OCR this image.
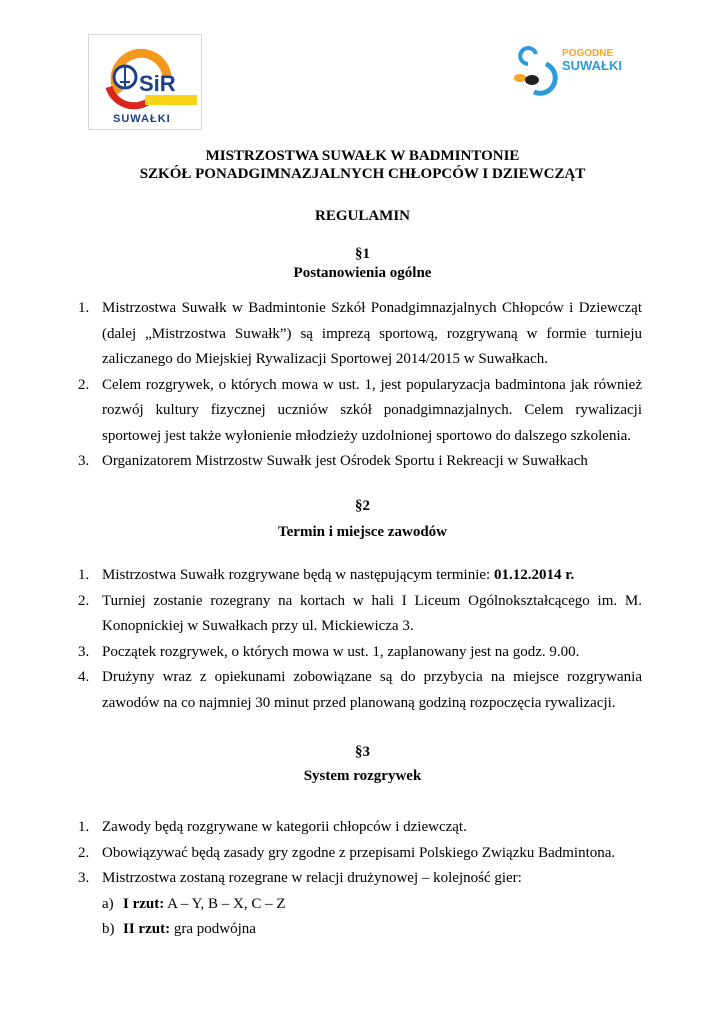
SiR
SUWAŁKI
POGODNE
SUWAŁKI
MISTRZOSTWA SUWAŁK W BADMINTONIE
SZKÓŁ PONADGIMNAZJALNYCH CHŁOPCÓW I DZIEWCZĄT
REGULAMIN
§1
Postanowienia ogólne
1. Mistrzostwa Suwałk w Badmintonie Szkół Ponadgimnazjalnych Chłopców i Dziewcząt (dalej „Mistrzostwa Suwałk”) są imprezą sportową, rozgrywaną w formie turnieju zaliczanego do Miejskiej Rywalizacji Sportowej 2014/2015 w Suwałkach.
2. Celem rozgrywek, o których mowa w ust. 1, jest popularyzacja badmintona jak również rozwój kultury fizycznej uczniów szkół ponadgimnazjalnych. Celem rywalizacji sportowej jest także wyłonienie młodzieży uzdolnionej sportowo do dalszego szkolenia.
3. Organizatorem Mistrzostw Suwałk jest Ośrodek Sportu i Rekreacji w Suwałkach
§2
Termin i miejsce zawodów
1. Mistrzostwa Suwałk rozgrywane będą w następującym terminie: 01.12.2014 r.
2. Turniej zostanie rozegrany na kortach w hali I Liceum Ogólnokształcącego im. M. Konopnickiej w Suwałkach przy ul. Mickiewicza 3.
3. Początek rozgrywek, o których mowa w ust. 1, zaplanowany jest na godz. 9.00.
4. Drużyny wraz z opiekunami zobowiązane są do przybycia na miejsce rozgrywania zawodów na co najmniej 30 minut przed planowaną godziną rozpoczęcia rywalizacji.
§3
System rozgrywek
1. Zawody będą rozgrywane w kategorii chłopców i dziewcząt.
2. Obowiązywać będą zasady gry zgodne z przepisami Polskiego Związku Badmintona.
3. Mistrzostwa zostaną rozegrane w relacji drużynowej – kolejność gier:
a) I rzut: A – Y, B – X, C – Z
b) II rzut: gra podwójna
